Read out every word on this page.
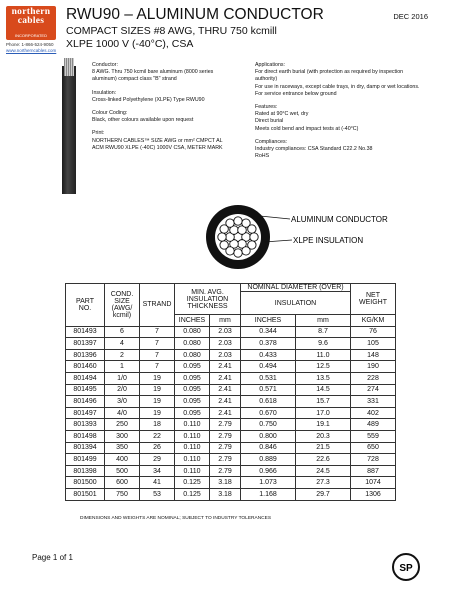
northern
cables
INCORPORATED
Phone: 1-866-524-9050
www.northerncables.com
RWU90 – ALUMINUM CONDUCTOR
COMPACT SIZES #8 AWG, THRU 750 kcmill
XLPE 1000 V (-40°C), CSA
DEC 2016
Conductor:
8 AWG. Thru 750 kcmil bare aluminum (8000 series
aluminum) compact class "B" strand
Insulation:
Cross-linked Polyethylene (XLPE) Type RWU90
Colour Coding:
Black, other colours available upon request
Print:
NORTHERN CABLES™ SIZE AWG or mm² CMPCT AL
ACM RWU90 XLPE (-40C) 1000V CSA, METER MARK
Applications:
For direct earth burial (with protection as required by inspection
authority)
For use in raceways, except cable trays, in dry, damp or wet locations.
For service entrance below ground
Features:
Rated at 90°C wet, dry
Direct burial
Meets cold bend and impact tests at (-40°C)
Compliances:
Industry compliances: CSA Standard C22.2 No.38
RoHS
ALUMINUM CONDUCTOR
XLPE INSULATION
PART
NO.	COND.
SIZE
(AWG/
kcmil)	STRAND	MIN. AVG.
INSULATION
THICKNESS		NOMINAL DIAMETER (OVER)		NET
WEIGHT
					INSULATION		
			INCHES	mm	INCHES	mm	KG/KM
801493	6	7	0.080	2.03	0.344	8.7	76
801397	4	7	0.080	2.03	0.378	9.6	105
801396	2	7	0.080	2.03	0.433	11.0	148
801460	1	7	0.095	2.41	0.494	12.5	190
801494	1/0	19	0.095	2.41	0.531	13.5	228
801495	2/0	19	0.095	2.41	0.571	14.5	274
801496	3/0	19	0.095	2.41	0.618	15.7	331
801497	4/0	19	0.095	2.41	0.670	17.0	402
801393	250	18	0.110	2.79	0.750	19.1	489
801498	300	22	0.110	2.79	0.800	20.3	559
801394	350	26	0.110	2.79	0.846	21.5	650
801499	400	29	0.110	2.79	0.889	22.6	728
801398	500	34	0.110	2.79	0.966	24.5	887
801500	600	41	0.125	3.18	1.073	27.3	1074
801501	750	53	0.125	3.18	1.168	29.7	1306
DIMENSIONS AND WEIGHTS ARE NOMINAL; SUBJECT TO INDUSTRY TOLERANCES
Page 1 of 1
SP
